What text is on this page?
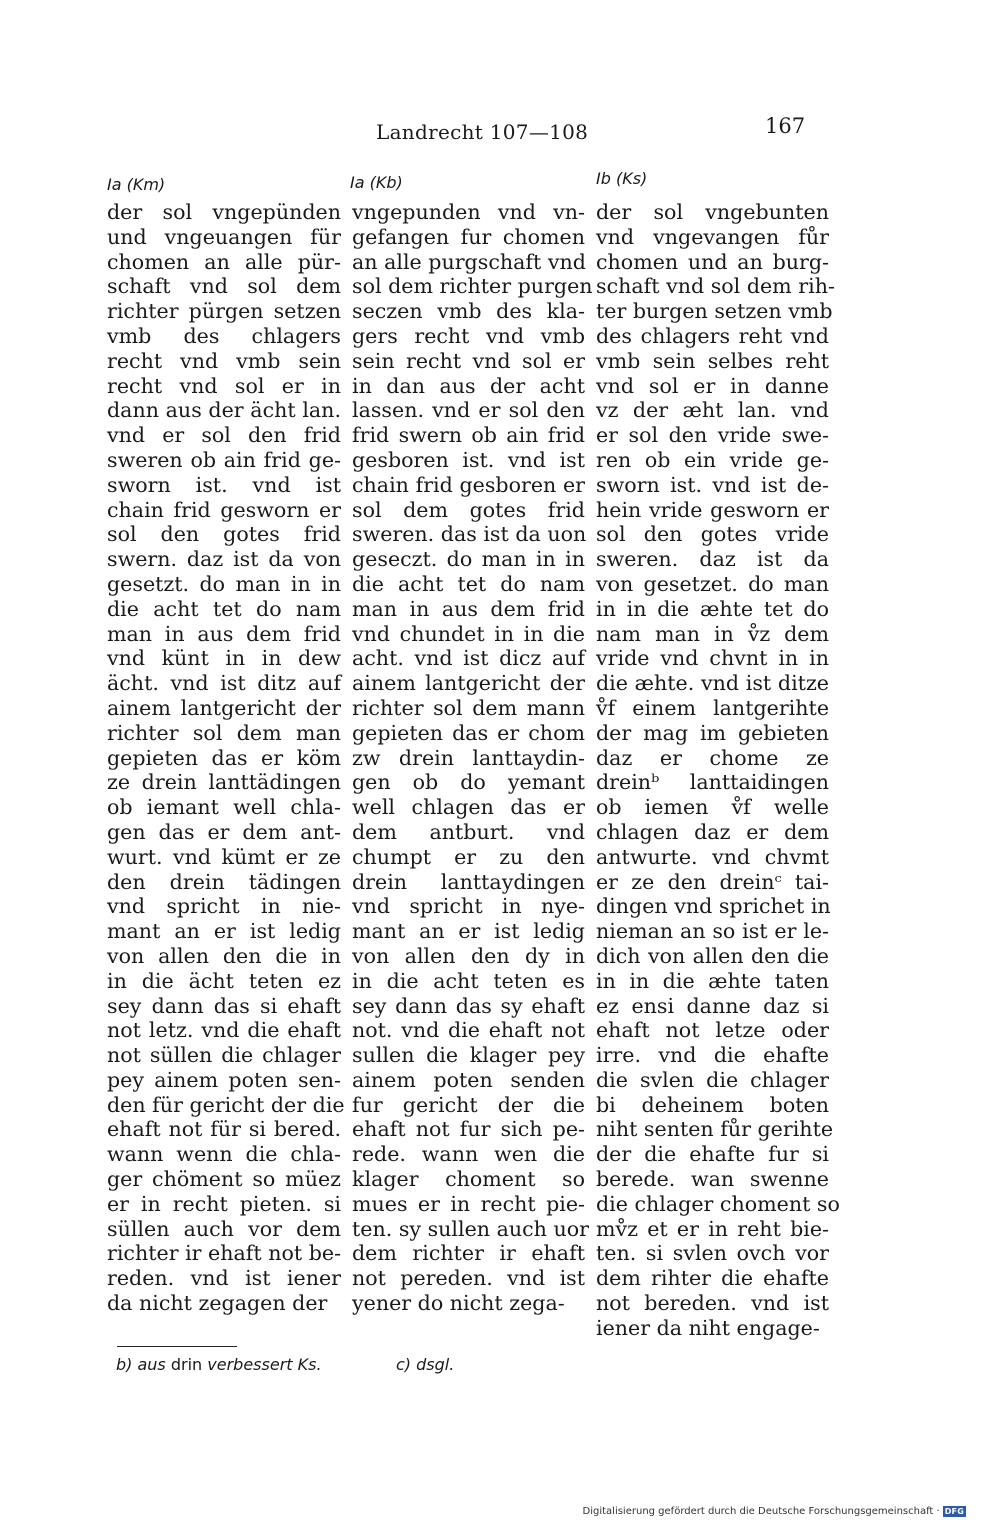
Landrecht 107—108	167
Ia (Km)	Ia (Kb)	Ib (Ks)
der sol vngepünden
und vngeuangen für
chomen an alle pür-
schaft vnd sol dem
richter pürgen setzen
vmb des chlagers
recht vnd vmb sein
recht vnd sol er in
dann aus der ächt lan.
vnd er sol den frid
sweren ob ain frid ge-
sworn ist. vnd ist
chain frid gesworn er
sol den gotes frid
swern. daz ist da von
gesetzt. do man in in
die acht tet do nam
man in aus dem frid
vnd künt in in dew
ächt. vnd ist ditz auf
ainem lantgericht der
richter sol dem man
gepieten das er köm
ze drein lanttädingen
ob iemant well chla-
gen das er dem ant-
wurt. vnd kümt er ze
den drein tädingen
vnd spricht in nie-
mant an er ist ledig
von allen den die in
in die ächt teten ez
sey dann das si ehaft
not letz. vnd die ehaft
not süllen die chlager
pey ainem poten sen-
den für gericht der die
ehaft not für si bered.
wann wenn die chla-
ger chöment so müez
er in recht pieten. si
süllen auch vor dem
richter ir ehaft not be-
reden. vnd ist iener
da nicht zegagen der
vngepunden vnd vn-
gefangen fur chomen
an alle purgschaft vnd
sol dem richter purgen
seczen vmb des kla-
gers recht vnd vmb
sein recht vnd sol er
in dan aus der acht
lassen. vnd er sol den
frid swern ob ain frid
gesboren ist. vnd ist
chain frid gesboren er
sol dem gotes frid
sweren. das ist da uon
geseczt. do man in in
die acht tet do nam
man in aus dem frid
vnd chundet in in die
acht. vnd ist dicz auf
ainem lantgericht der
richter sol dem mann
gepieten das er chom
zw drein lanttaydin-
gen ob do yemant
well chlagen das er
dem antburt. vnd
chumpt er zu den
drein lanttaydingen
vnd spricht in nye-
mant an er ist ledig
von allen den dy in
in die acht teten es
sey dann das sy ehaft
not. vnd die ehaft not
sullen die klager pey
ainem poten senden
fur gericht der die
ehaft not fur sich pe-
rede. wann wen die
klager choment so
mues er in recht pie-
ten. sy sullen auch uor
dem richter ir ehaft
not pereden. vnd ist
yener do nicht zega-
der sol vngebunten
vnd vngevangen fůr
chomen und an burg-
schaft vnd sol dem rih-
ter burgen setzen vmb
des chlagers reht vnd
vmb sein selbes reht
vnd sol er in danne
vz der æht lan. vnd
er sol den vride swe-
ren ob ein vride ge-
sworn ist. vnd ist de-
hein vride gesworn er
sol den gotes vride
sweren. daz ist da
von gesetzet. do man
in in die æhte tet do
nam man in v̊z dem
vride vnd chvnt in in
die æhte. vnd ist ditze
v̊f einem lantgerihte
der mag im gebieten
daz er chome ze
dreinᵇ lanttaidingen
ob iemen v̊f welle
chlagen daz er dem
antwurte. vnd chvmt
er ze den dreinᶜ tai-
dingen vnd sprichet in
nieman an so ist er le-
dich von allen den die
in in die æhte taten
ez ensi danne daz si
ehaft not letze oder
irre. vnd die ehafte
die svlen die chlager
bi deheinem boten
niht senten fůr gerihte
der die ehafte fur si
berede. wan swenne
die chlager choment so
mv̊z et er in reht bie-
ten. si svlen ovch vor
dem rihter die ehafte
not bereden. vnd ist
iener da niht engage-
b) aus drin verbessert Ks.	c) dsgl.
Digitalisierung gefördert durch die Deutsche Forschungsgemeinschaft · DFG
